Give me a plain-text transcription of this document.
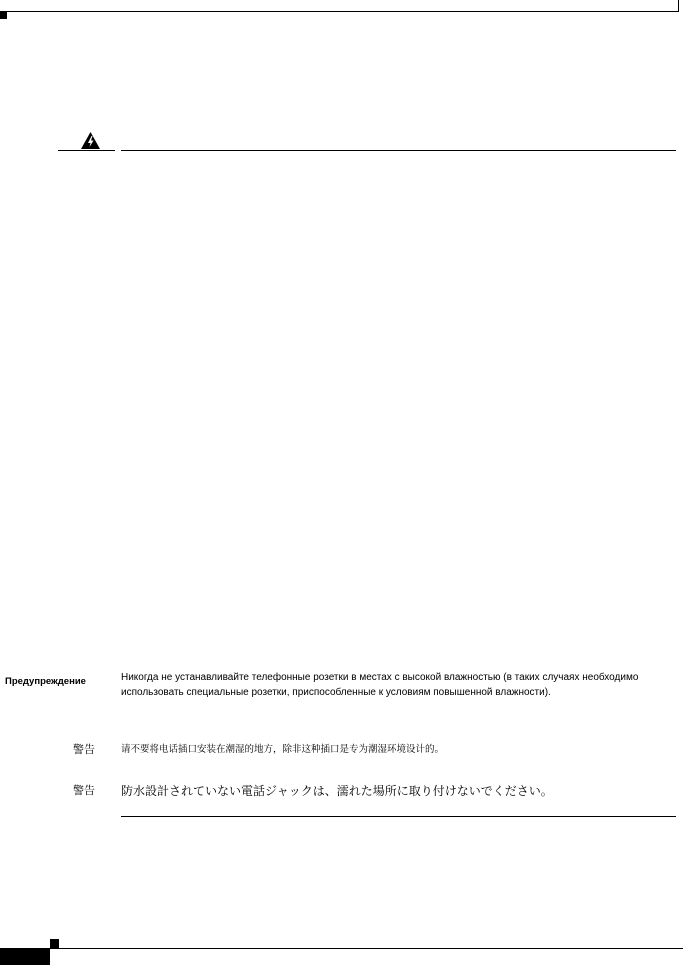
Предупреждение	Никогда не устанавливайте телефонные розетки в местах с высокой влажностью (в таких случаях необходимо использовать специальные розетки, приспособленные к условиям повышенной влажности).
警告	请不要将电话插口安装在潮湿的地方，除非这种插口是专为潮湿环境设计的。
警告 防水設計されていない電話ジャックは、濡れた場所に取り付けないでください。
